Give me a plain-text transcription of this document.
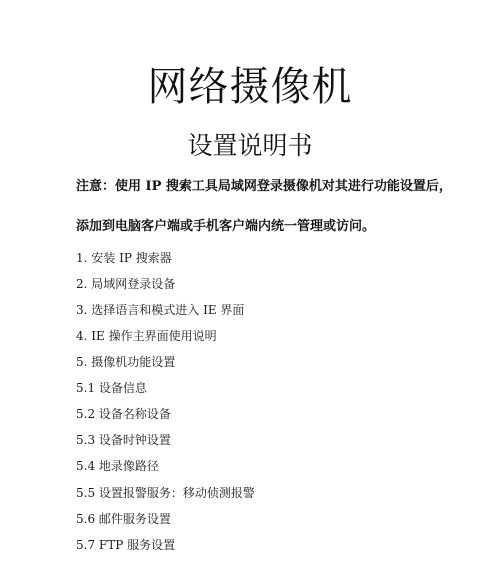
网络摄像机
设置说明书
注意：使用 IP 搜索工具局域网登录摄像机对其进行功能设置后，
添加到电脑客户端或手机客户端内统一管理或访问。
1. 安装 IP 搜索器
2. 局域网登录设备
3. 选择语言和模式进入 IE 界面
4. IE 操作主界面使用说明
5. 摄像机功能设置
5.1 设备信息
5.2 设备名称设备
5.3 设备时钟设置
5.4 地录像路径
5.5 设置报警服务：移动侦测报警
5.6 邮件服务设置
5.7 FTP 服务设置
